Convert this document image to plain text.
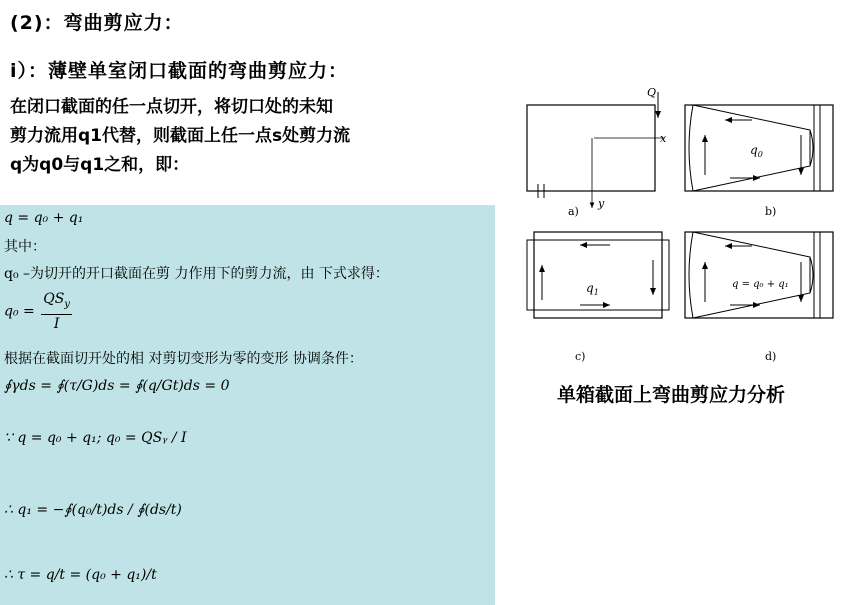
(2)：弯曲剪应力：
i）：薄壁单室闭口截面的弯曲剪应力：
在闭口截面的任一点切开，将切口处的未知
剪力流用q1代替，则截面上任一点s处剪力流
q为q0与q1之和，即：
q = q₀ + q₁
其中：
q₀ –为切开的开口截面在剪 力作用下的剪力流，由 下式求得：
$q_0 = \frac{QS_y}{I}$
根据在截面切开处的相 对剪切变形为零的变形 协调条件：
∮γds = ∮(τ/G)ds = ∮(q/Gt)ds = 0
∵ q = q₀ + q₁; q₀ = QSᵧ / I
∴ q₁ = −∮(q₀/t)ds / ∮(ds/t)
∴ τ = q/t = (q₀ + q₁)/t
Q
x
y
a)
$q_0$
b)
$q_1$
c)
q = q₀ + q₁
d)
单箱截面上弯曲剪应力分析
